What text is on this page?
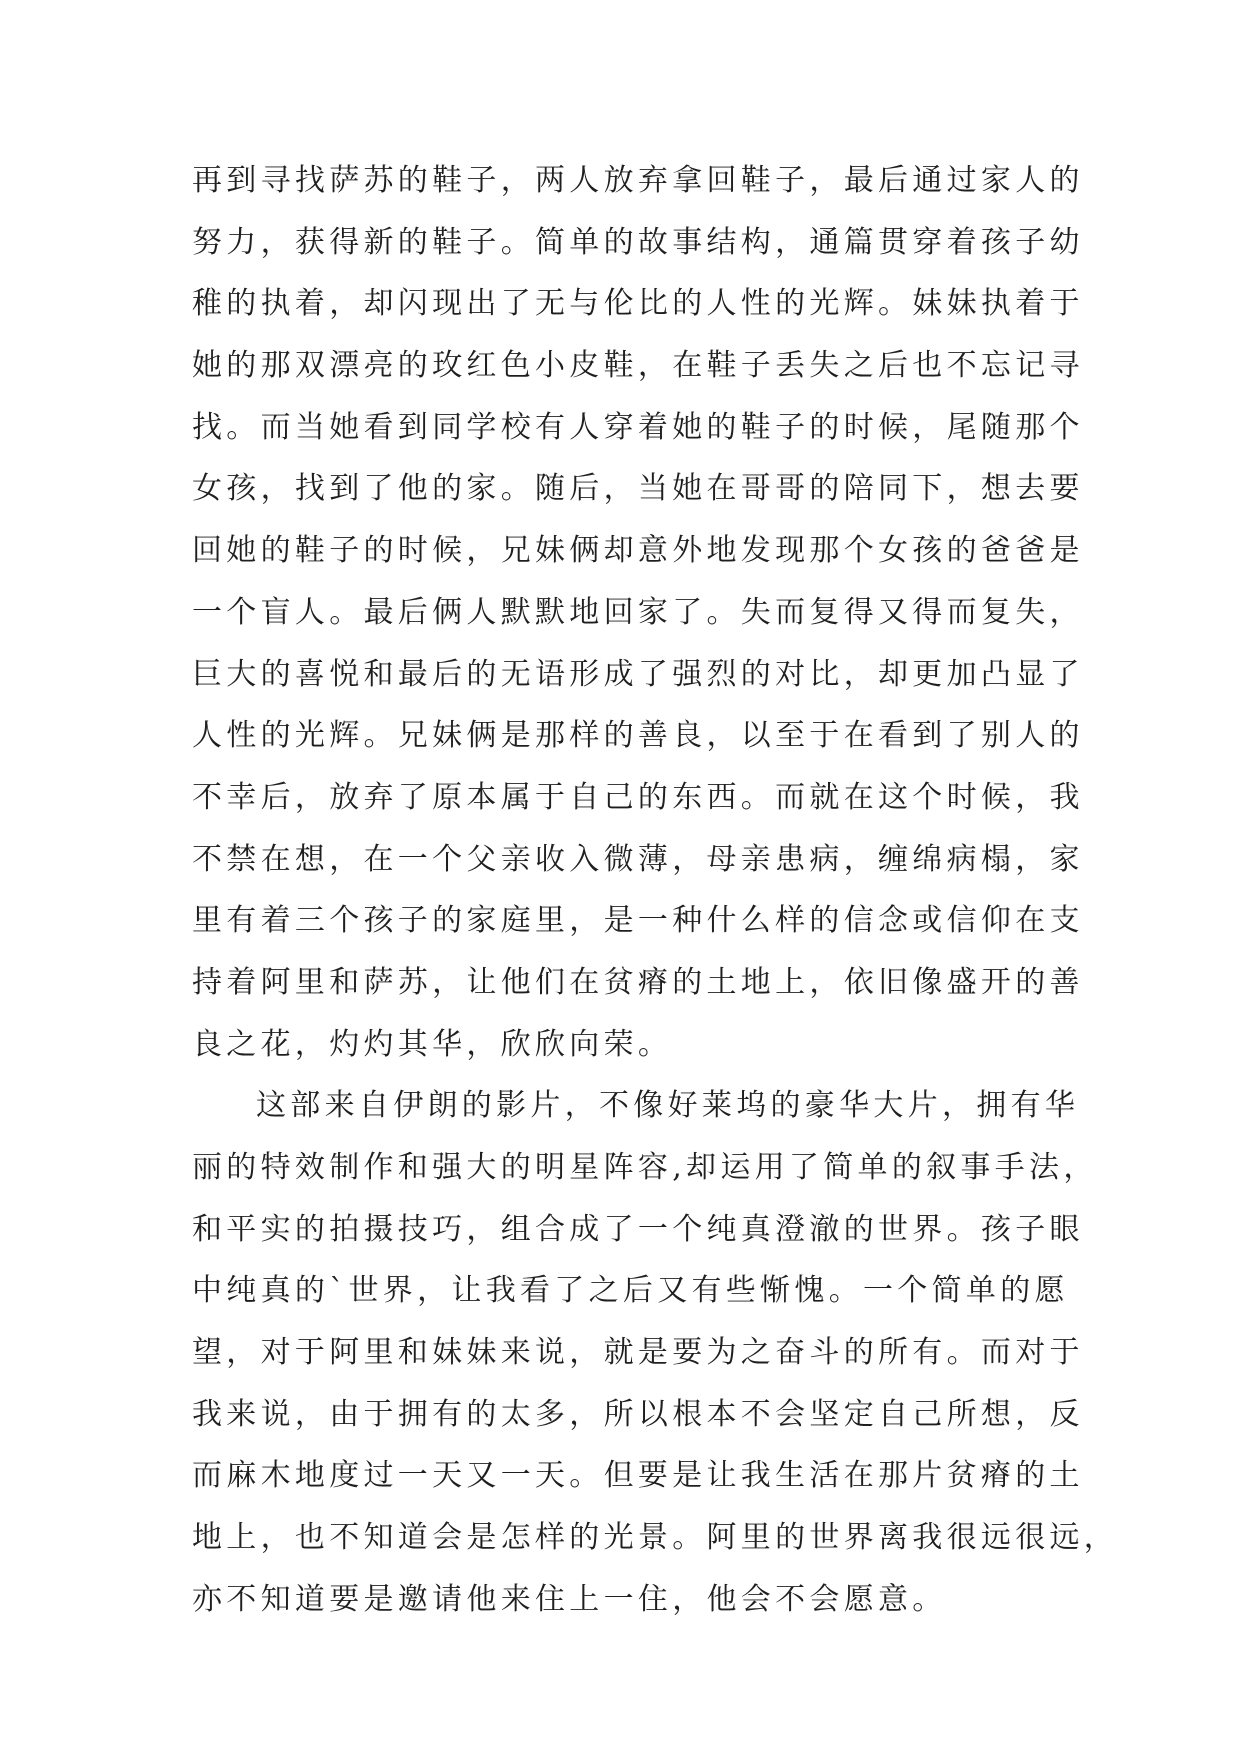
再到寻找萨苏的鞋子，两人放弃拿回鞋子，最后通过家人的
努力，获得新的鞋子。简单的故事结构，通篇贯穿着孩子幼
稚的执着，却闪现出了无与伦比的人性的光辉。妹妹执着于
她的那双漂亮的玫红色小皮鞋，在鞋子丢失之后也不忘记寻
找。而当她看到同学校有人穿着她的鞋子的时候，尾随那个
女孩，找到了他的家。随后，当她在哥哥的陪同下，想去要
回她的鞋子的时候，兄妹俩却意外地发现那个女孩的爸爸是
一个盲人。最后俩人默默地回家了。失而复得又得而复失，
巨大的喜悦和最后的无语形成了强烈的对比，却更加凸显了
人性的光辉。兄妹俩是那样的善良，以至于在看到了别人的
不幸后，放弃了原本属于自己的东西。而就在这个时候，我
不禁在想，在一个父亲收入微薄，母亲患病，缠绵病榻，家
里有着三个孩子的家庭里，是一种什么样的信念或信仰在支
持着阿里和萨苏，让他们在贫瘠的土地上，依旧像盛开的善
良之花，灼灼其华，欣欣向荣。
这部来自伊朗的影片，不像好莱坞的豪华大片，拥有华
丽的特效制作和强大的明星阵容,却运用了简单的叙事手法，
和平实的拍摄技巧，组合成了一个纯真澄澈的世界。孩子眼
中纯真的`世界，让我看了之后又有些惭愧。一个简单的愿
望，对于阿里和妹妹来说，就是要为之奋斗的所有。而对于
我来说，由于拥有的太多，所以根本不会坚定自己所想，反
而麻木地度过一天又一天。但要是让我生活在那片贫瘠的土
地上，也不知道会是怎样的光景。阿里的世界离我很远很远，
亦不知道要是邀请他来住上一住，他会不会愿意。
